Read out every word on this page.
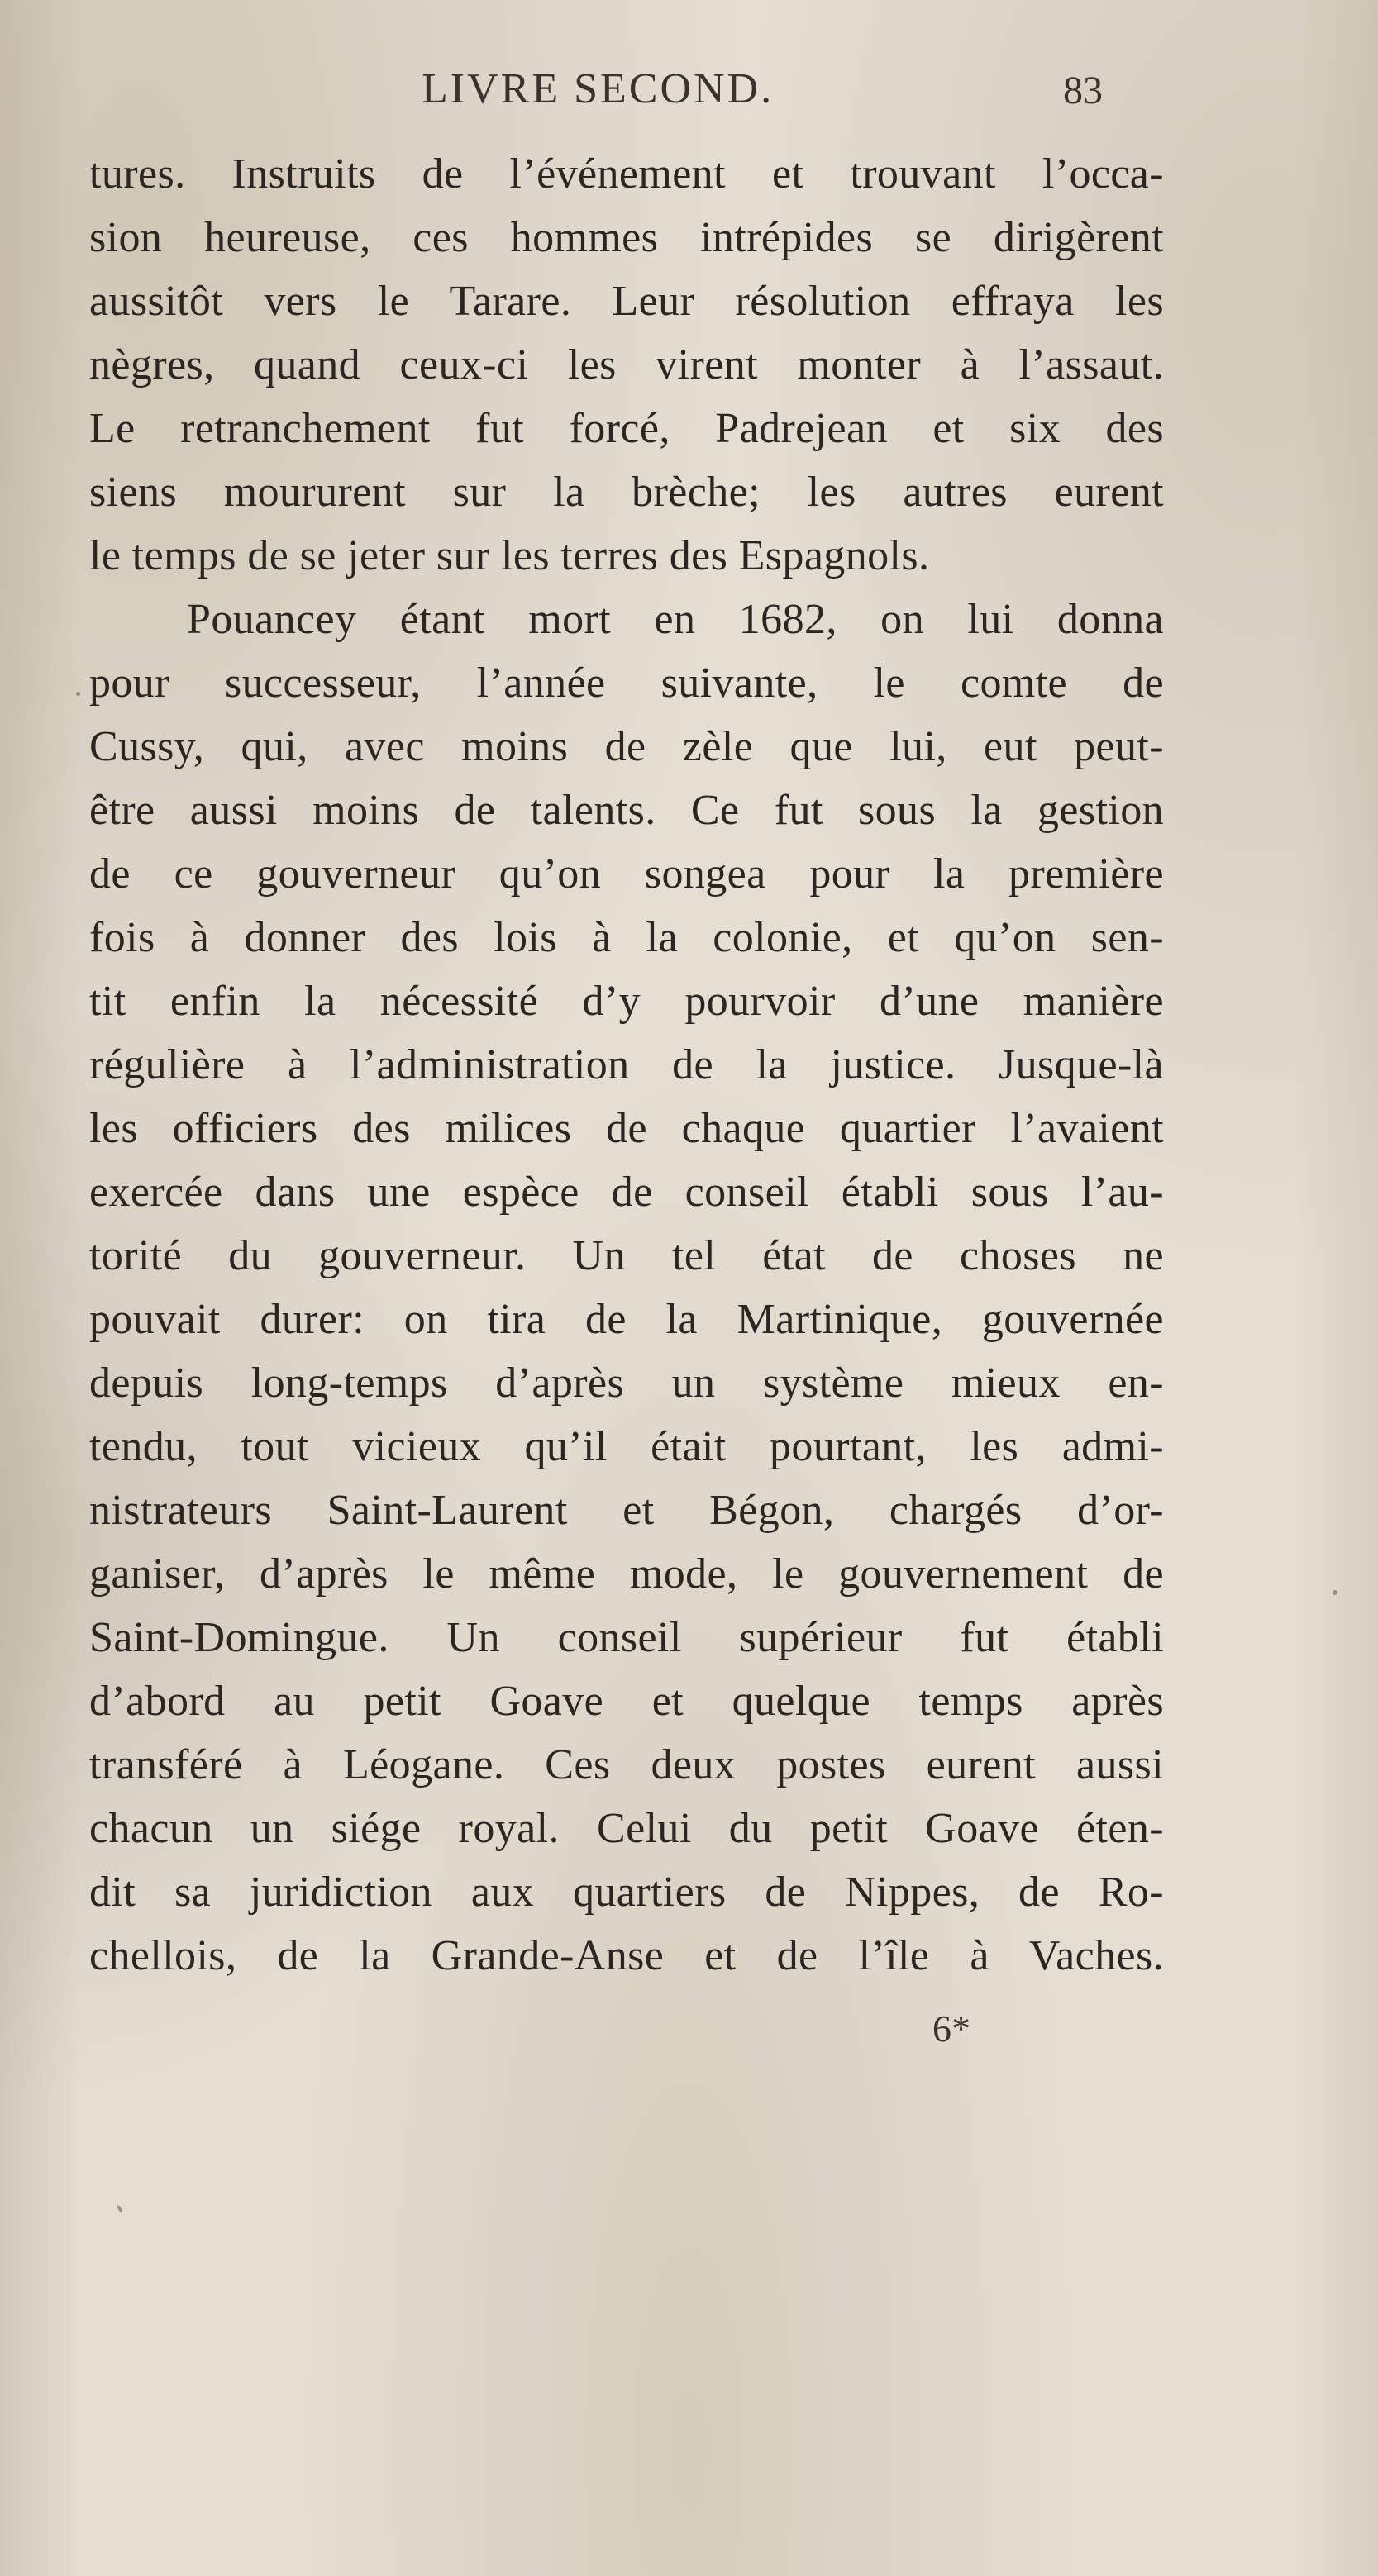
LIVRE SECOND.	83
tures. Instruits de l’événement et trouvant l’occa-
sion heureuse, ces hommes intrépides se dirigèrent
aussitôt vers le Tarare. Leur résolution effraya les
nègres, quand ceux-ci les virent monter à l’assaut.
Le retranchement fut forcé, Padrejean et six des
siens moururent sur la brèche; les autres eurent
le temps de se jeter sur les terres des Espagnols.
Pouancey étant mort en 1682, on lui donna
pour successeur, l’année suivante, le comte de
Cussy, qui, avec moins de zèle que lui, eut peut-
être aussi moins de talents. Ce fut sous la gestion
de ce gouverneur qu’on songea pour la première
fois à donner des lois à la colonie, et qu’on sen-
tit enfin la nécessité d’y pourvoir d’une manière
régulière à l’administration de la justice. Jusque-là
les officiers des milices de chaque quartier l’avaient
exercée dans une espèce de conseil établi sous l’au-
torité du gouverneur. Un tel état de choses ne
pouvait durer: on tira de la Martinique, gouvernée
depuis long-temps d’après un système mieux en-
tendu, tout vicieux qu’il était pourtant, les admi-
nistrateurs Saint-Laurent et Bégon, chargés d’or-
ganiser, d’après le même mode, le gouvernement de
Saint-Domingue. Un conseil supérieur fut établi
d’abord au petit Goave et quelque temps après
transféré à Léogane. Ces deux postes eurent aussi
chacun un siége royal. Celui du petit Goave éten-
dit sa juridiction aux quartiers de Nippes, de Ro-
chellois, de la Grande-Anse et de l’île à Vaches.
6*
